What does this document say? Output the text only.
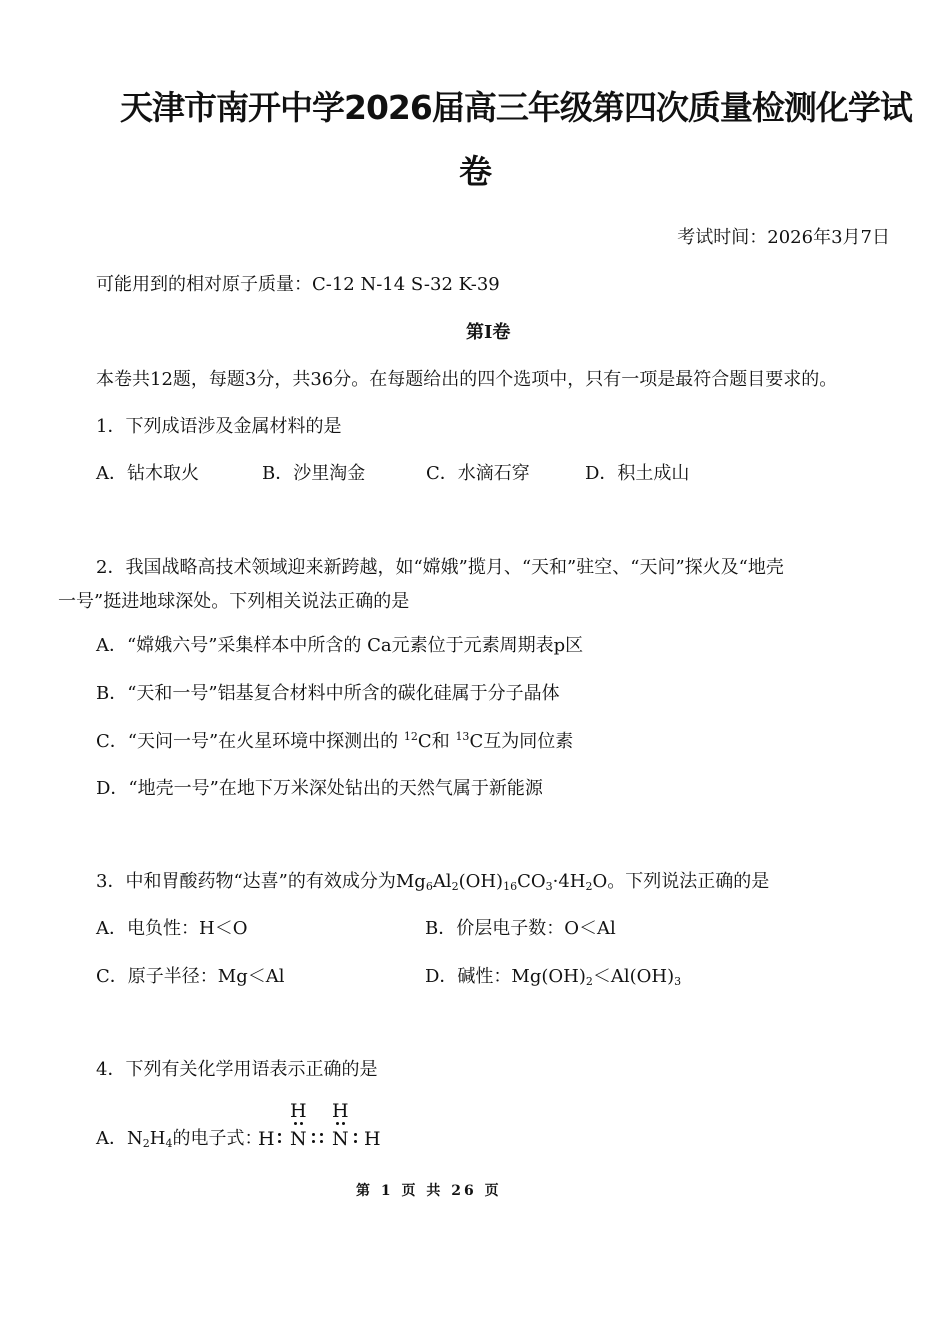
天津市南开中学2026届高三年级第四次质量检测化学试
卷
考试时间：2026年3月7日
可能用到的相对原子质量：C-12 N-14 S-32 K-39
第Ⅰ卷
本卷共12题，每题3分，共36分。在每题给出的四个选项中，只有一项是最符合题目要求的。
1．下列成语涉及金属材料的是
A．钻木取火	B．沙里淘金	C．水滴石穿	D．积土成山
2．我国战略高技术领域迎来新跨越，如“嫦娥”揽月、“天和”驻空、“天问”探火及“地壳
一号”挺进地球深处。下列相关说法正确的是
A．“嫦娥六号”采集样本中所含的 Ca元素位于元素周期表p区
B．“天和一号”铝基复合材料中所含的碳化硅属于分子晶体
C．“天问一号”在火星环境中探测出的 $^{12}$C和 $^{13}$C互为同位素
D．“地壳一号”在地下万米深处钻出的天然气属于新能源
3．中和胃酸药物“达喜”的有效成分为$Mg_6Al_2(OH)_{16}CO_3\cdot 4H_2O$。下列说法正确的是
A．电负性：H＜O	B．价层电子数：O＜Al
C．原子半径：Mg＜Al	D．碱性：$Mg(OH)_2<Al(OH)_3$
4．下列有关化学用语表示正确的是
A．$N_2H_4$的电子式：
H H
H N N H
第 1 页 共 26 页
